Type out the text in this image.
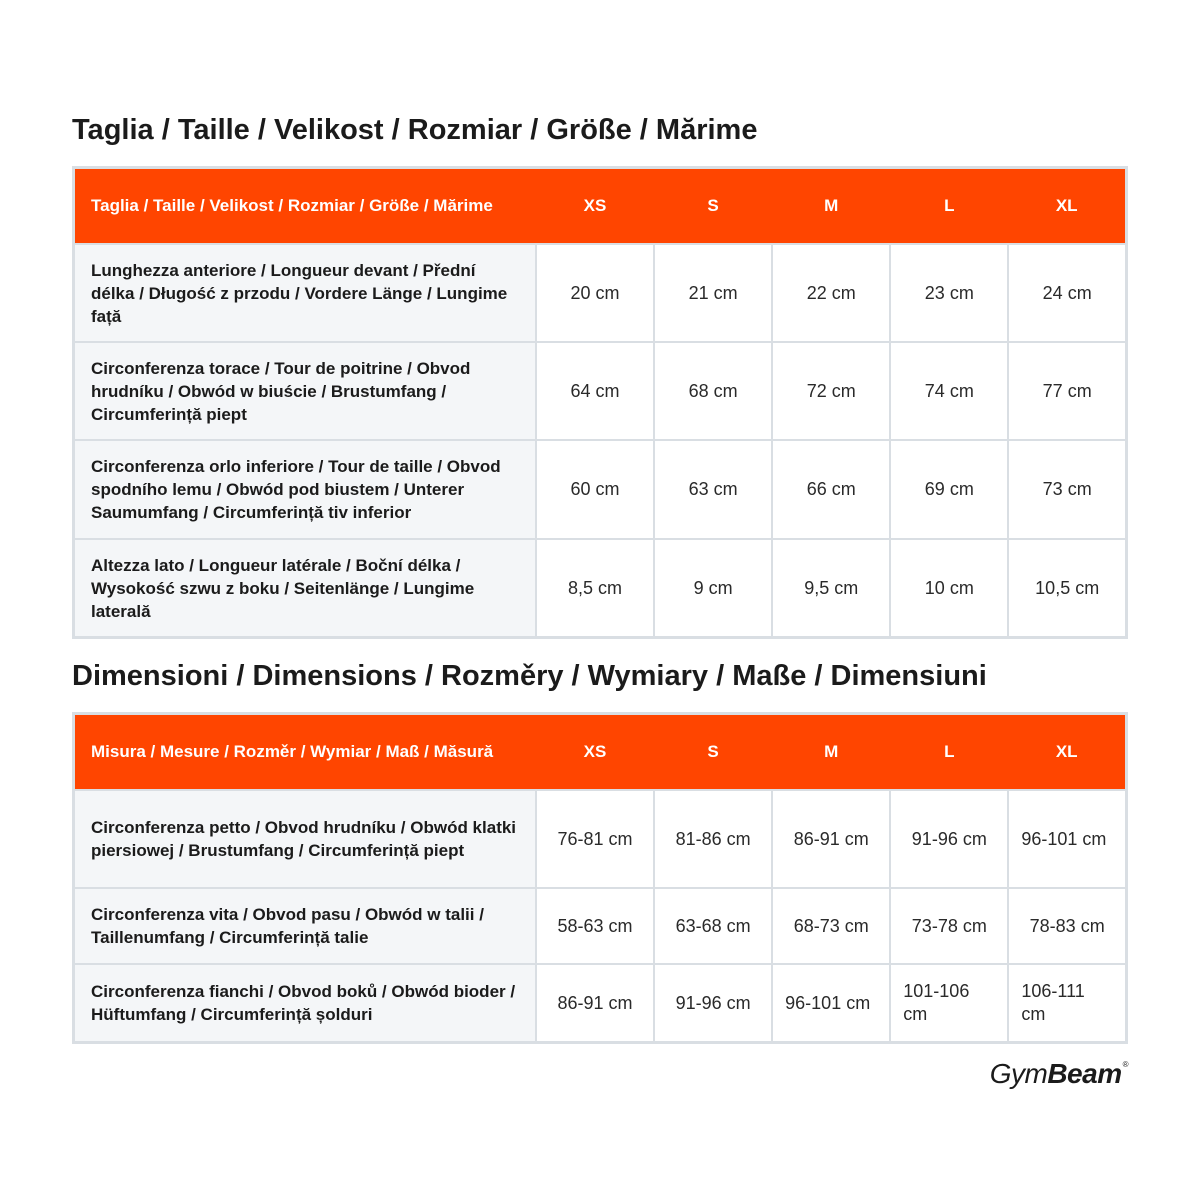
Taglia / Taille / Velikost / Rozmiar / Größe / Mărime
Taglia / Taille / Velikost / Rozmiar / Größe / Mărime	XS	S	M	L	XL
Lunghezza anteriore / Longueur devant / Přední délka / Długość z przodu / Vordere Länge / Lungime față	20 cm	21 cm	22 cm	23 cm	24 cm
Circonferenza torace / Tour de poitrine / Obvod hrudníku / Obwód w biuście / Brustumfang / Circumferință piept	64 cm	68 cm	72 cm	74 cm	77 cm
Circonferenza orlo inferiore / Tour de taille / Obvod spodního lemu / Obwód pod biustem / Unterer Saumumfang / Circumferință tiv inferior	60 cm	63 cm	66 cm	69 cm	73 cm
Altezza lato / Longueur latérale / Boční délka / Wysokość szwu z boku / Seitenlänge / Lungime laterală	8,5 cm	9 cm	9,5 cm	10 cm	10,5 cm
Dimensioni / Dimensions / Rozměry / Wymiary / Maße / Dimensiuni
Misura / Mesure / Rozměr / Wymiar / Maß / Măsură	XS	S	M	L	XL
Circonferenza petto / Obvod hrudníku / Obwód klatki piersiowej / Brustumfang / Circumferință piept	76-81 cm	81-86 cm	86-91 cm	91-96 cm	96-101 cm
Circonferenza vita / Obvod pasu / Obwód w talii / Taillenumfang / Circumferință talie	58-63 cm	63-68 cm	68-73 cm	73-78 cm	78-83 cm
Circonferenza fianchi / Obvod boků / Obwód bioder / Hüftumfang / Circumferință șolduri	86-91 cm	91-96 cm	96-101 cm	101-106 cm	106-111 cm
GymBeam®
